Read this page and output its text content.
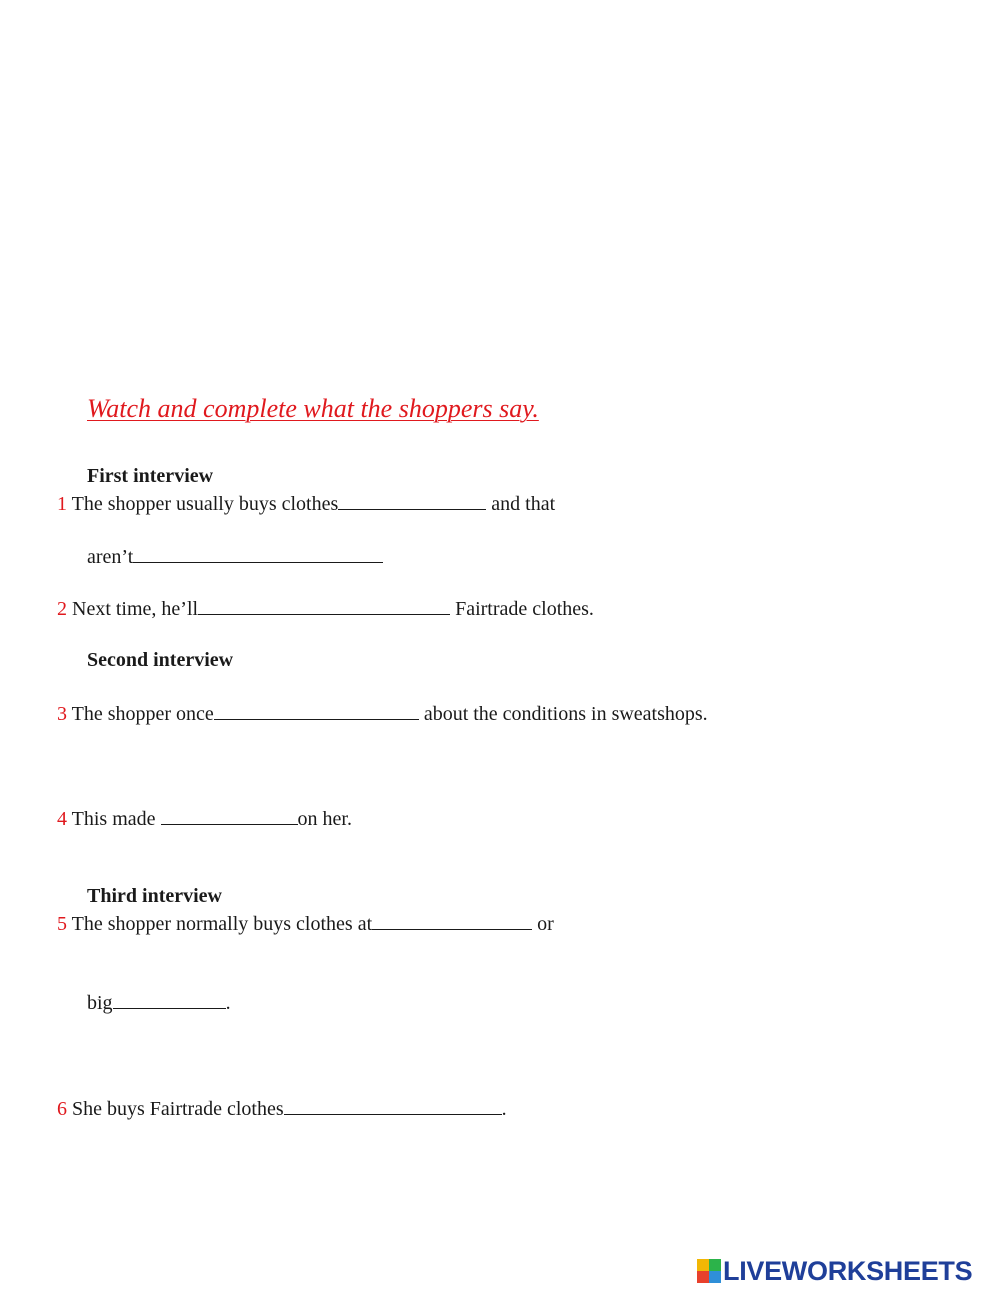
Watch and complete what the shoppers say.
First interview
1 The shopper usually buys clothes	and that
aren’t
2 Next time, he’ll	Fairtrade clothes.
Second interview
3 The shopper once	about the conditions in sweatshops.
4 This made	on her.
Third interview
5 The shopper normally buys clothes at	or
big	.
6 She buys Fairtrade clothes	.
LIVEWORKSHEETS
